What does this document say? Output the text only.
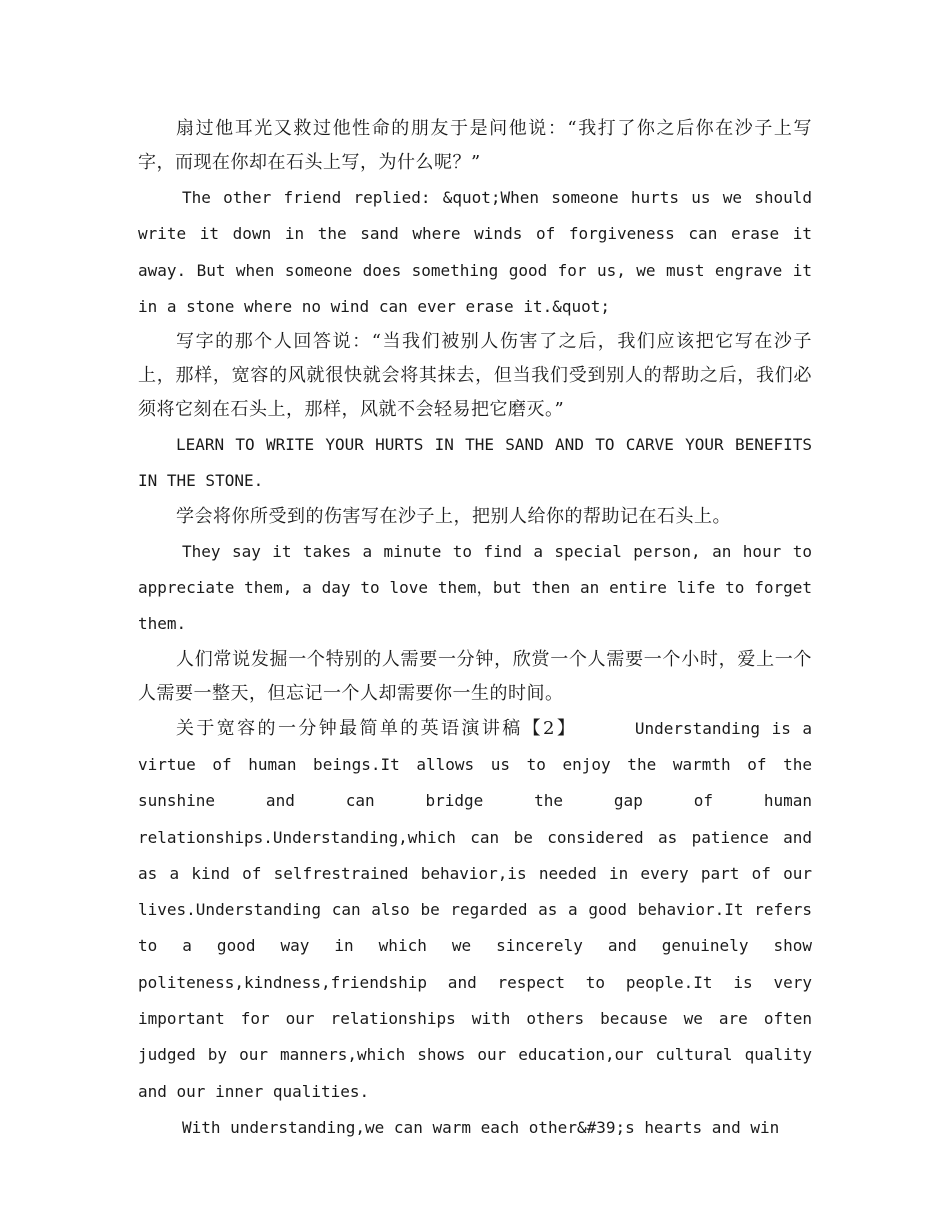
扇过他耳光又救过他性命的朋友于是问他说：“我打了你之后你在沙子上写字，而现在你却在石头上写，为什么呢？”

The other friend replied: &quot;When someone hurts us we should write it down in the sand where winds of forgiveness can erase it away. But when someone does something good for us, we must engrave it in a stone where no wind can ever erase it.&quot;

写字的那个人回答说：“当我们被别人伤害了之后，我们应该把它写在沙子上，那样，宽容的风就很快就会将其抹去，但当我们受到别人的帮助之后，我们必须将它刻在石头上，那样，风就不会轻易把它磨灭。”

LEARN TO WRITE YOUR HURTS IN THE SAND AND TO CARVE YOUR BENEFITS IN THE STONE.

学会将你所受到的伤害写在沙子上，把别人给你的帮助记在石头上。

They say it takes a minute to find a special person, an hour to appreciate them, a day to love them，but then an entire life to forget them.

人们常说发掘一个特别的人需要一分钟，欣赏一个人需要一个小时，爱上一个人需要一整天，但忘记一个人却需要你一生的时间。

关于宽容的一分钟最简单的英语演讲稿【2】	Understanding is a virtue of human beings.It allows us to enjoy the warmth of the sunshine and can bridge the gap of human relationships.Understanding,which can be considered as patience and as a kind of selfrestrained behavior,is needed in every part of our lives.Understanding can also be regarded as a good behavior.It refers to a good way in which we sincerely and genuinely show politeness,kindness,friendship and respect to people.It is very important for our relationships with others because we are often judged by our manners,which shows our education,our cultural quality and our inner qualities.

With understanding,we can warm each other&#39;s hearts and win
